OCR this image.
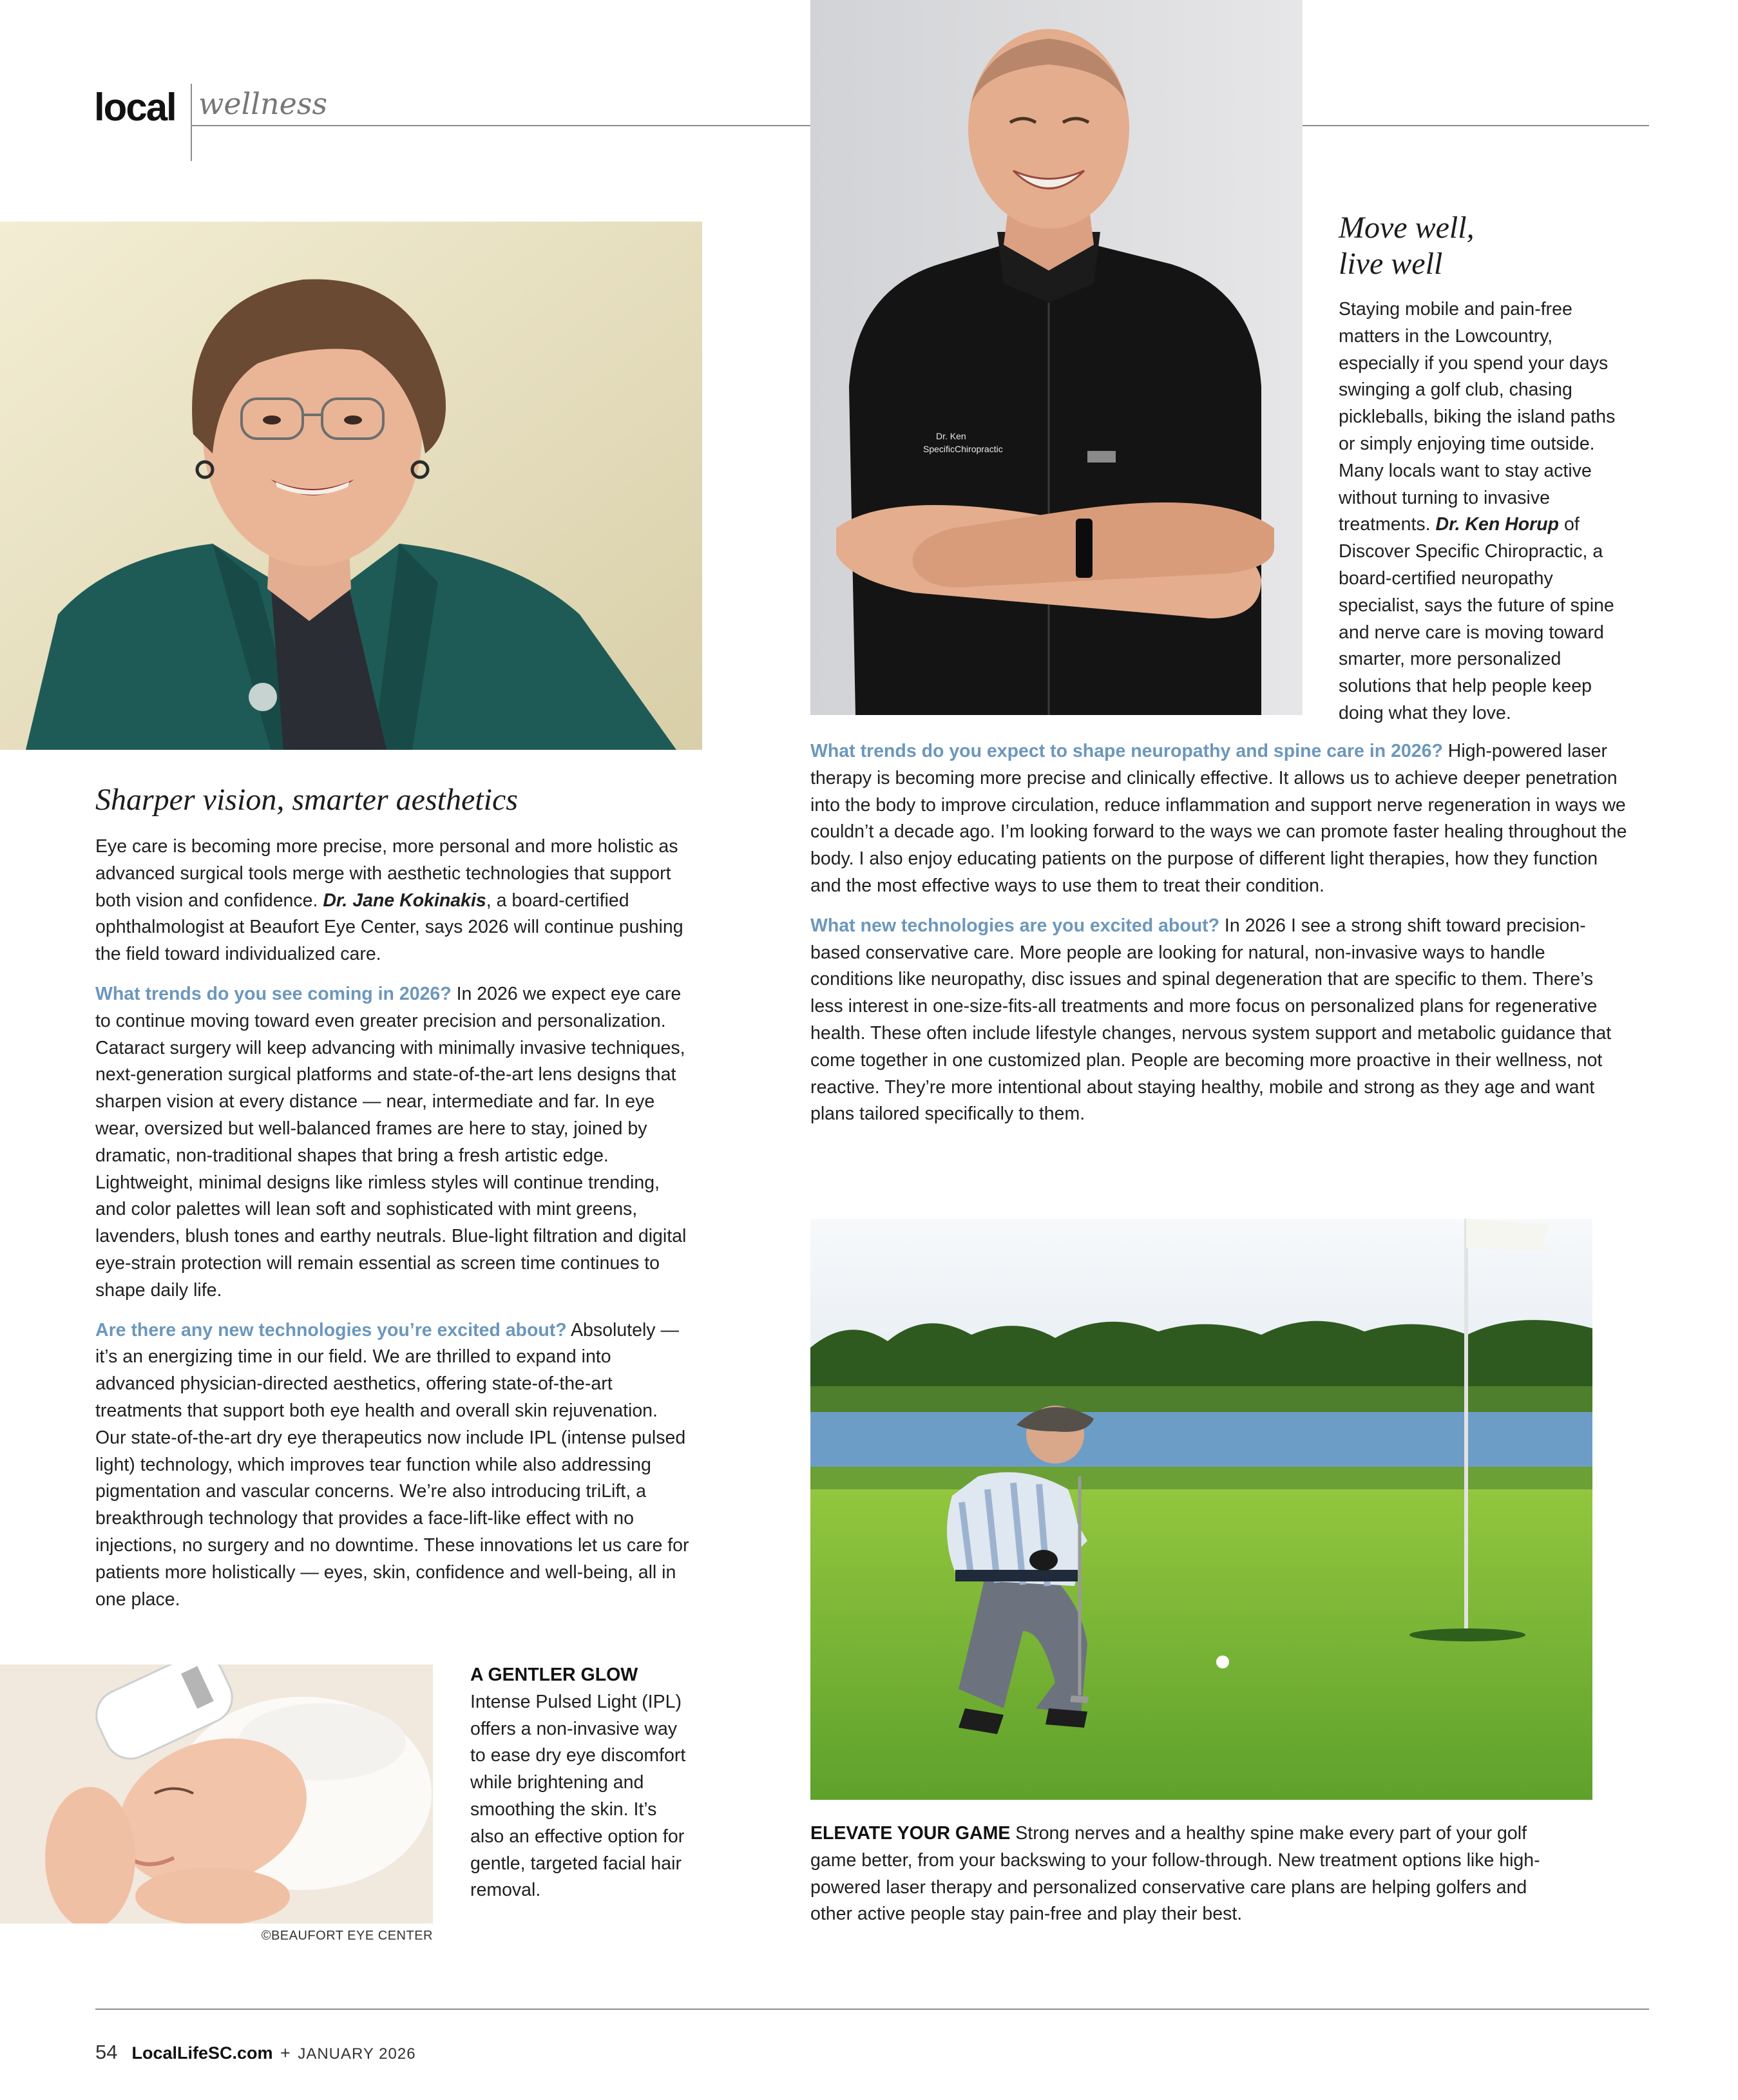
local wellness
Dr. Ken
SpecificChiropractic
Move well,
live well

Staying mobile and pain-free matters in the Lowcountry, especially if you spend your days swinging a golf club, chasing pickleballs, biking the island paths or simply enjoying time outside. Many locals want to stay active without turning to invasive treatments. Dr. Ken Horup of Discover Specific Chiropractic, a board-certified neuropathy specialist, says the future of spine and nerve care is moving toward smarter, more personalized solutions that help people keep doing what they love.

What trends do you expect to shape neuropathy and spine care in 2026? High-powered laser therapy is becoming more precise and clinically effective. It allows us to achieve deeper penetration into the body to improve circulation, reduce inflammation and support nerve regeneration in ways we couldn’t a decade ago. I’m looking forward to the ways we can promote faster healing throughout the body. I also enjoy educating patients on the purpose of different light therapies, how they function and the most effective ways to use them to treat their condition.

What new technologies are you excited about? In 2026 I see a strong shift toward precision-based conservative care. More people are looking for natural, non-invasive ways to handle conditions like neuropathy, disc issues and spinal degeneration that are specific to them. There’s less interest in one-size-fits-all treatments and more focus on personalized plans for regenerative health. These often include lifestyle changes, nervous system support and metabolic guidance that come together in one customized plan. People are becoming more proactive in their wellness, not reactive. They’re more intentional about staying healthy, mobile and strong as they age and want plans tailored specifically to them.

Sharper vision, smarter aesthetics

Eye care is becoming more precise, more personal and more holistic as advanced surgical tools merge with aesthetic technologies that support both vision and confidence. Dr. Jane Kokinakis, a board-certified ophthalmologist at Beaufort Eye Center, says 2026 will continue pushing the field toward individualized care.

What trends do you see coming in 2026? In 2026 we expect eye care to continue moving toward even greater precision and personalization. Cataract surgery will keep advancing with minimally invasive techniques, next-generation surgical platforms and state-of-the-art lens designs that sharpen vision at every distance — near, intermediate and far. In eye wear, oversized but well-balanced frames are here to stay, joined by dramatic, non-traditional shapes that bring a fresh artistic edge. Lightweight, minimal designs like rimless styles will continue trending, and color palettes will lean soft and sophisticated with mint greens, lavenders, blush tones and earthy neutrals. Blue-light filtration and digital eye-strain protection will remain essential as screen time continues to shape daily life.

Are there any new technologies you’re excited about? Absolutely — it’s an energizing time in our field. We are thrilled to expand into advanced physician-directed aesthetics, offering state-of-the-art treatments that support both eye health and overall skin rejuvenation. Our state-of-the-art dry eye therapeutics now include IPL (intense pulsed light) technology, which improves tear function while also addressing pigmentation and vascular concerns. We’re also introducing triLift, a breakthrough technology that provides a face-lift-like effect with no injections, no surgery and no downtime. These innovations let us care for patients more holistically — eyes, skin, confidence and well-being, all in one place.

©BEAUFORT EYE CENTER
A GENTLER GLOW
Intense Pulsed Light (IPL) offers a non-invasive way to ease dry eye discomfort while brightening and smoothing the skin. It’s also an effective option for gentle, targeted facial hair removal.
ELEVATE YOUR GAME Strong nerves and a healthy spine make every part of your golf game better, from your backswing to your follow-through. New treatment options like high-powered laser therapy and personalized conservative care plans are helping golfers and other active people stay pain-free and play their best.
54 LocalLifeSC.com + JANUARY 2026
